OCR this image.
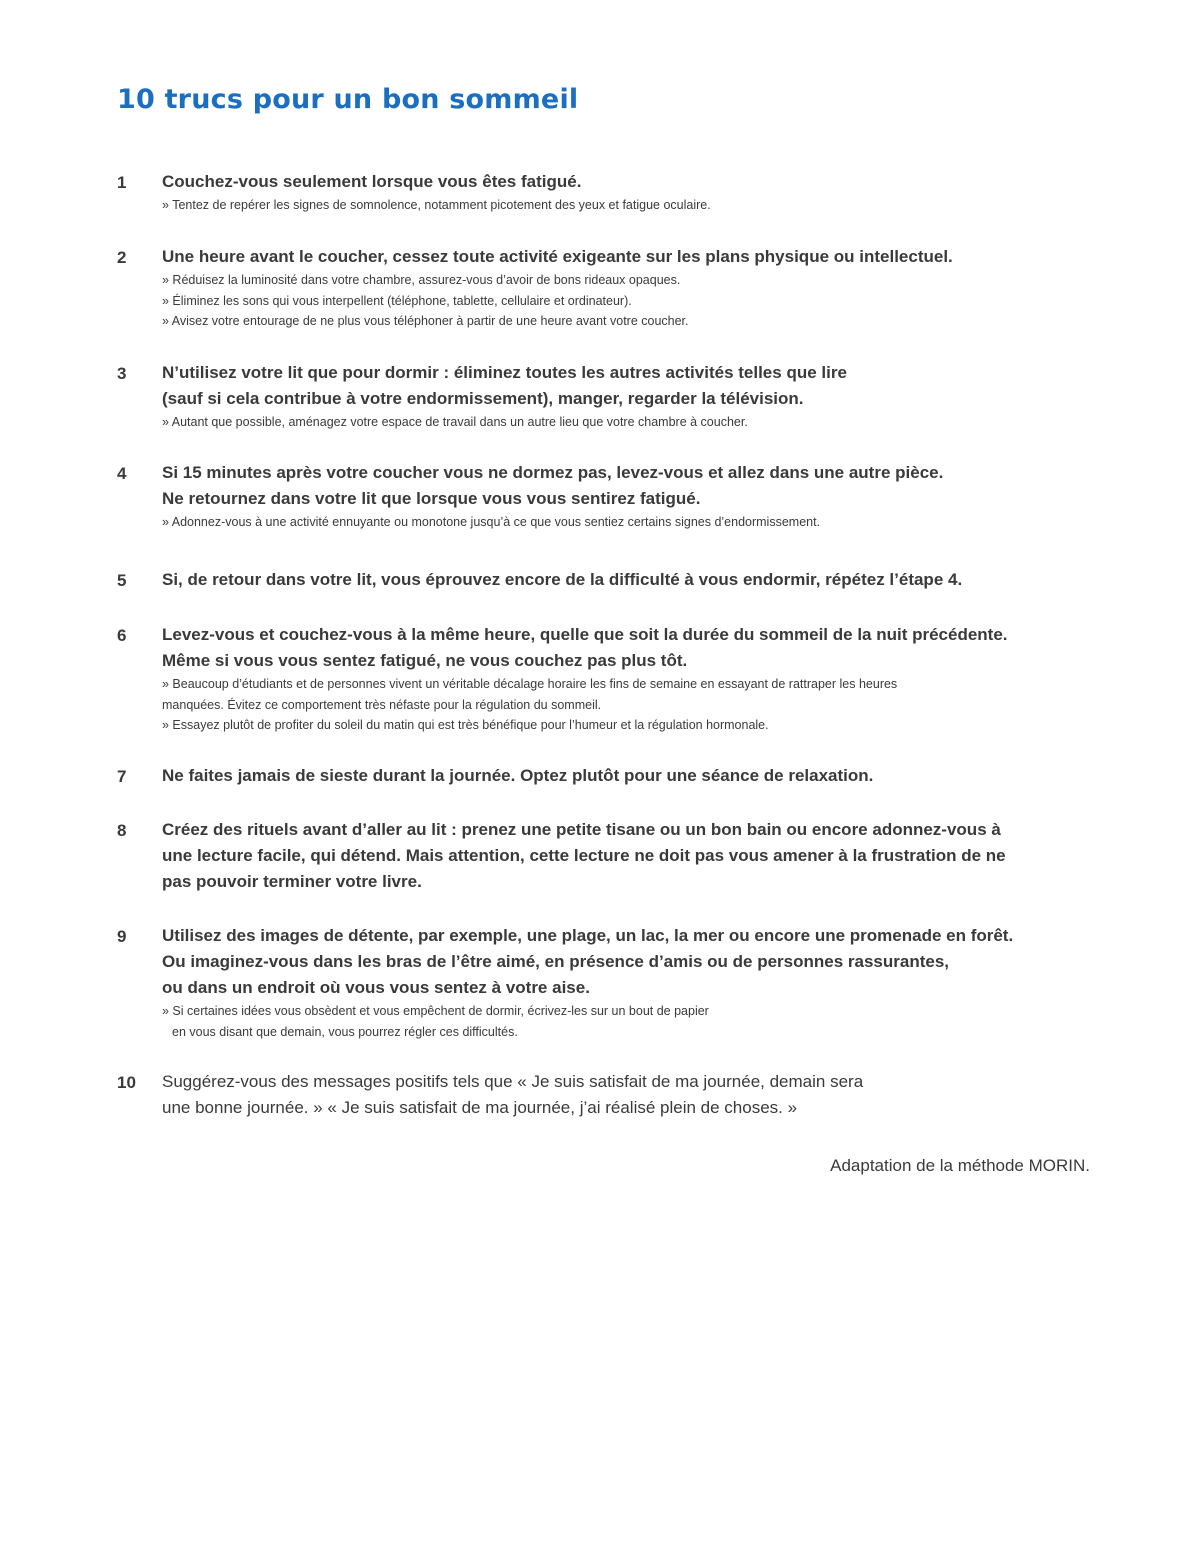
10 trucs pour un bon sommeil
1 Couchez-vous seulement lorsque vous êtes fatigué.
» Tentez de repérer les signes de somnolence, notamment picotement des yeux et fatigue oculaire.
2 Une heure avant le coucher, cessez toute activité exigeante sur les plans physique ou intellectuel.
» Réduisez la luminosité dans votre chambre, assurez-vous d’avoir de bons rideaux opaques.
» Éliminez les sons qui vous interpellent (téléphone, tablette, cellulaire et ordinateur).
» Avisez votre entourage de ne plus vous téléphoner à partir de une heure avant votre coucher.
3 N’utilisez votre lit que pour dormir : éliminez toutes les autres activités telles que lire
(sauf si cela contribue à votre endormissement), manger, regarder la télévision.
» Autant que possible, aménagez votre espace de travail dans un autre lieu que votre chambre à coucher.
4 Si 15 minutes après votre coucher vous ne dormez pas, levez-vous et allez dans une autre pièce.
Ne retournez dans votre lit que lorsque vous vous sentirez fatigué.
» Adonnez-vous à une activité ennuyante ou monotone jusqu’à ce que vous sentiez certains signes d’endormissement.
5 Si, de retour dans votre lit, vous éprouvez encore de la difficulté à vous endormir, répétez l’étape 4.
6 Levez-vous et couchez-vous à la même heure, quelle que soit la durée du sommeil de la nuit précédente.
Même si vous vous sentez fatigué, ne vous couchez pas plus tôt.
» Beaucoup d’étudiants et de personnes vivent un véritable décalage horaire les fins de semaine en essayant de rattraper les heures
manquées. Évitez ce comportement très néfaste pour la régulation du sommeil.
» Essayez plutôt de profiter du soleil du matin qui est très bénéfique pour l’humeur et la régulation hormonale.
7 Ne faites jamais de sieste durant la journée. Optez plutôt pour une séance de relaxation.
8 Créez des rituels avant d’aller au lit : prenez une petite tisane ou un bon bain ou encore adonnez-vous à
une lecture facile, qui détend. Mais attention, cette lecture ne doit pas vous amener à la frustration de ne
pas pouvoir terminer votre livre.
9 Utilisez des images de détente, par exemple, une plage, un lac, la mer ou encore une promenade en forêt.
Ou imaginez-vous dans les bras de l’être aimé, en présence d’amis ou de personnes rassurantes,
ou dans un endroit où vous vous sentez à votre aise.
» Si certaines idées vous obsèdent et vous empêchent de dormir, écrivez-les sur un bout de papier
en vous disant que demain, vous pourrez régler ces difficultés.
10 Suggérez-vous des messages positifs tels que « Je suis satisfait de ma journée, demain sera
une bonne journée. » « Je suis satisfait de ma journée, j’ai réalisé plein de choses. »
Adaptation de la méthode MORIN.
